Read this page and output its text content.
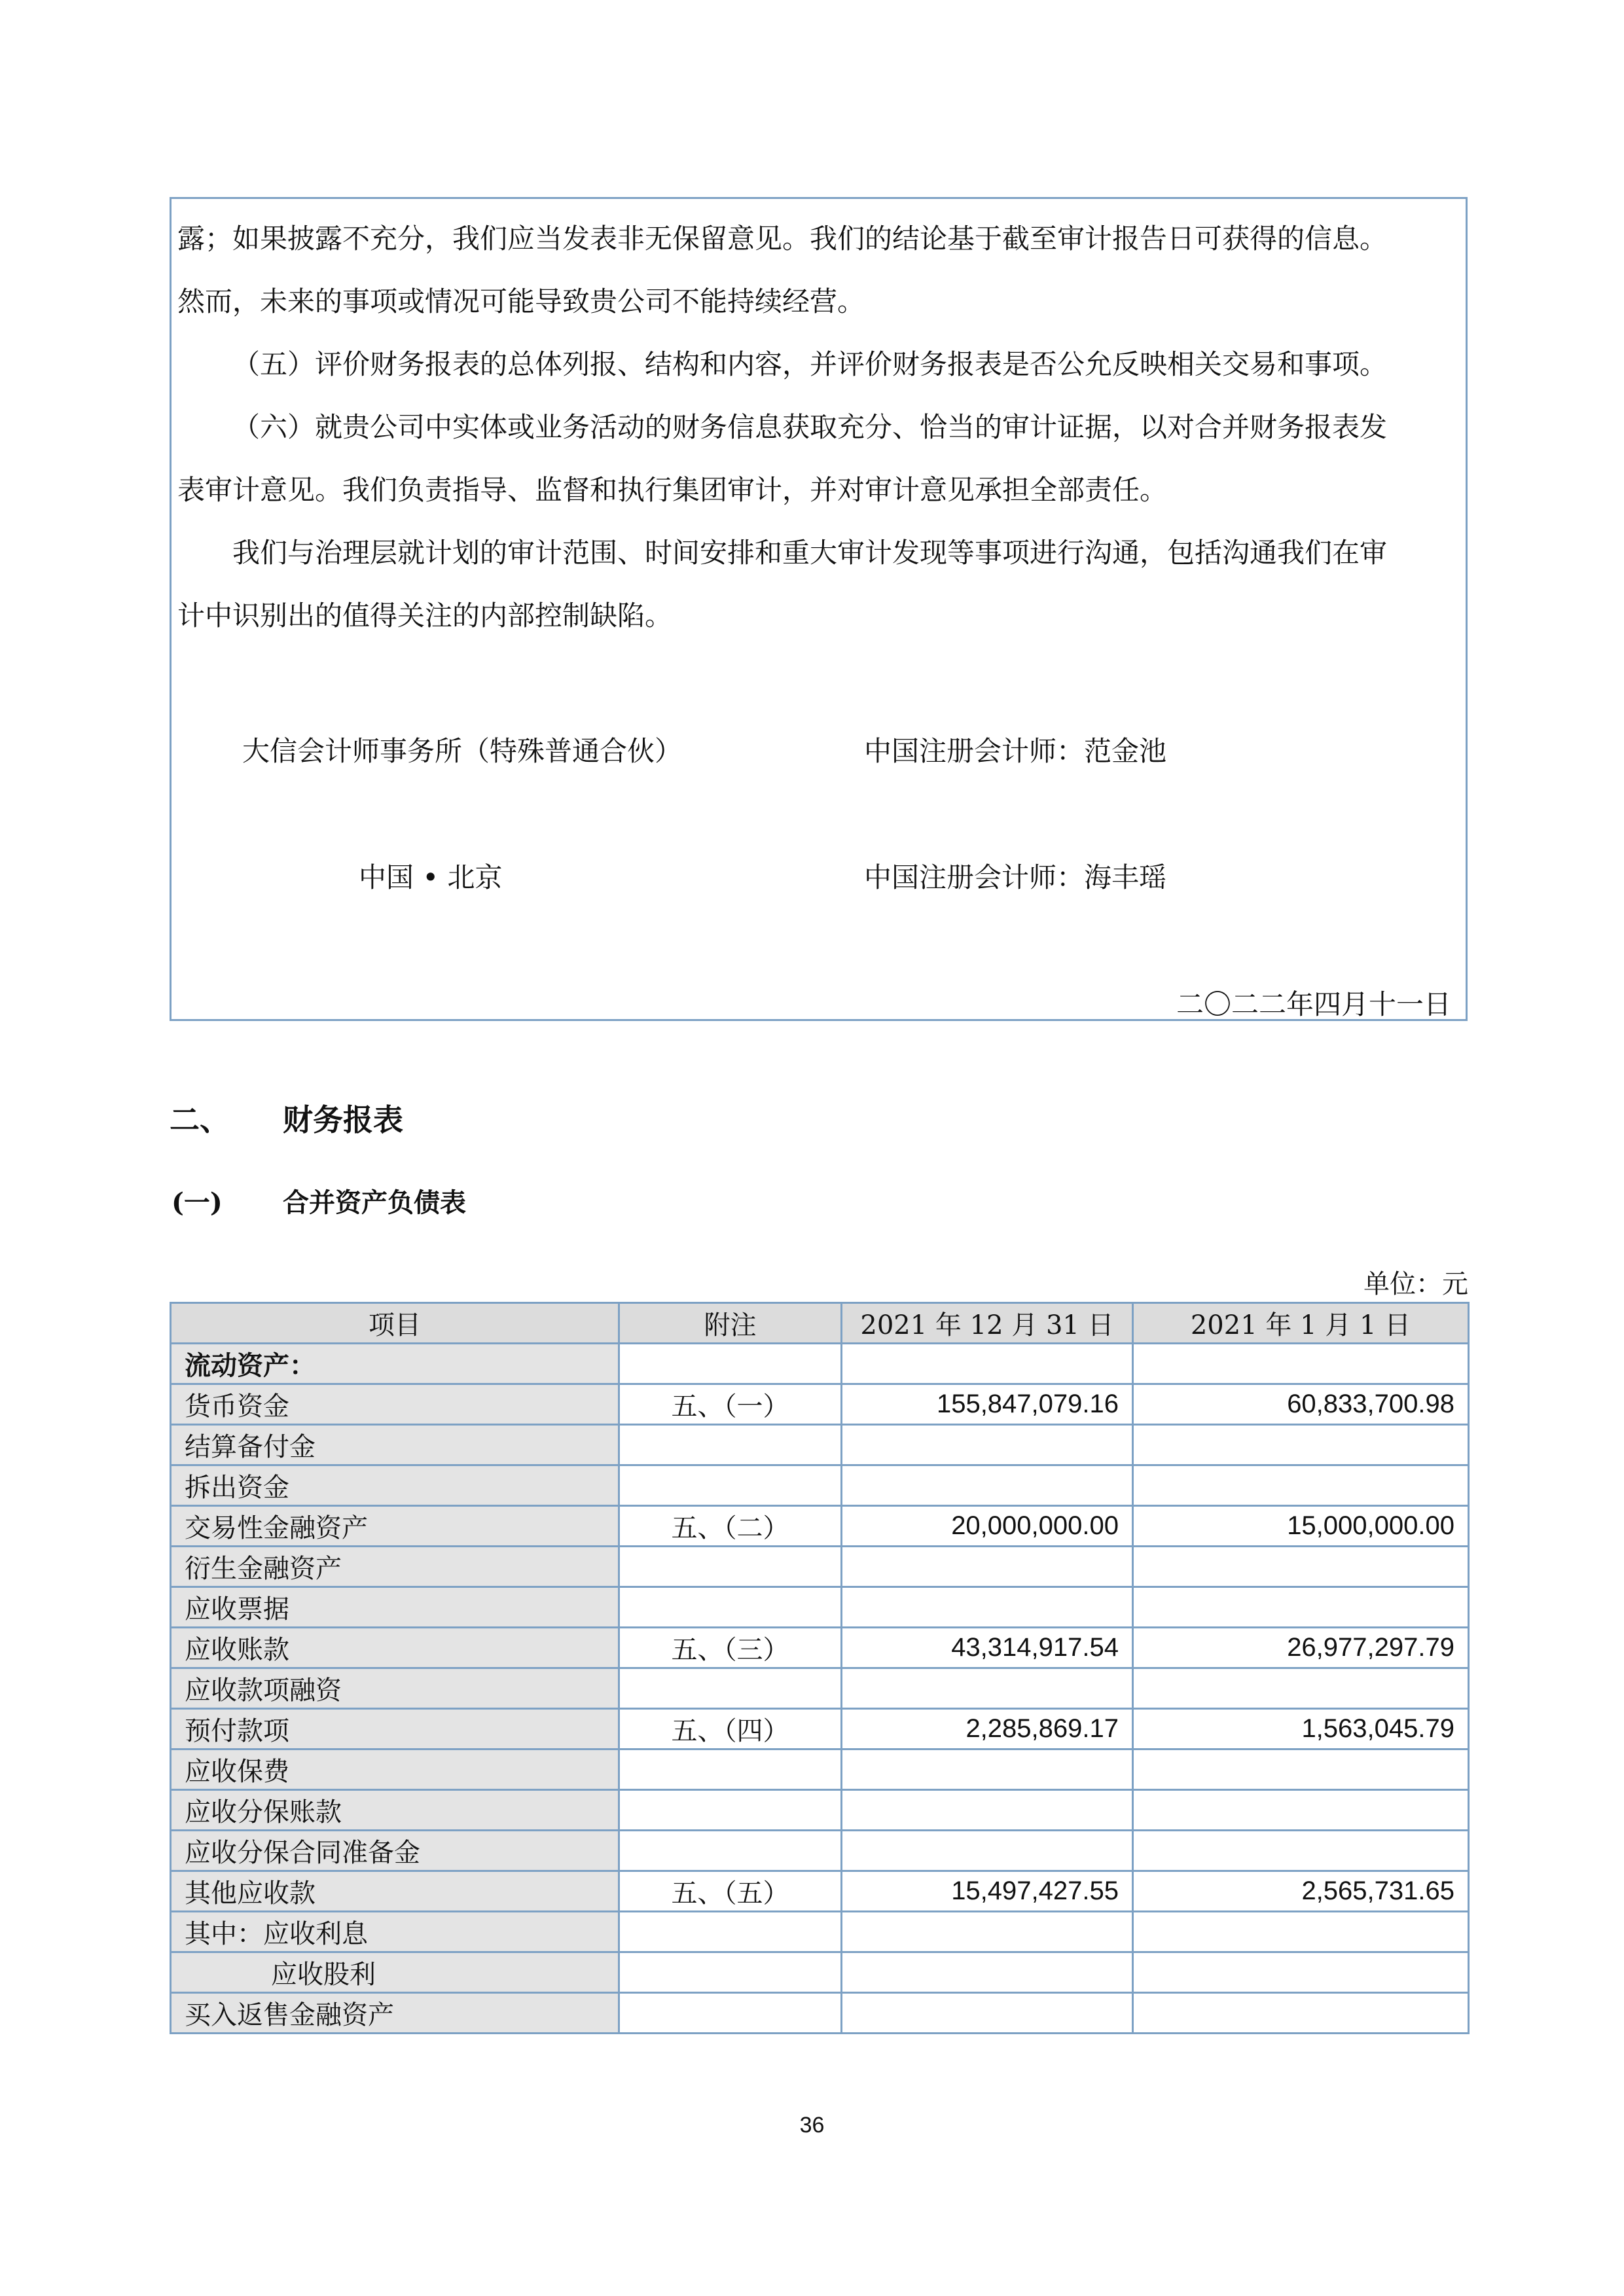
露；如果披露不充分，我们应当发表非无保留意见。我们的结论基于截至审计报告日可获得的信息。

然而，未来的事项或情况可能导致贵公司不能持续经营。

（五）评价财务报表的总体列报、结构和内容，并评价财务报表是否公允反映相关交易和事项。

（六）就贵公司中实体或业务活动的财务信息获取充分、恰当的审计证据，以对合并财务报表发

表审计意见。我们负责指导、监督和执行集团审计，并对审计意见承担全部责任。

我们与治理层就计划的审计范围、时间安排和重大审计发现等事项进行沟通，包括沟通我们在审

计中识别出的值得关注的内部控制缺陷。

大信会计师事务所（特殊普通合伙）	中国注册会计师：范金池
中国 • 北京	中国注册会计师：海丰瑶
二〇二二年四月十一日
二、 财务报表
(一) 合并资产负债表
单位：元
项目	附注	2021 年 12 月 31 日	2021 年 1 月 1 日
流动资产：			
货币资金	五、（一）	155,847,079.16	60,833,700.98
结算备付金			
拆出资金			
交易性金融资产	五、（二）	20,000,000.00	15,000,000.00
衍生金融资产			
应收票据			
应收账款	五、（三）	43,314,917.54	26,977,297.79
应收款项融资			
预付款项	五、（四）	2,285,869.17	1,563,045.79
应收保费			
应收分保账款			
应收分保合同准备金			
其他应收款	五、（五）	15,497,427.55	2,565,731.65
其中：应收利息			
应收股利			
买入返售金融资产			
36
